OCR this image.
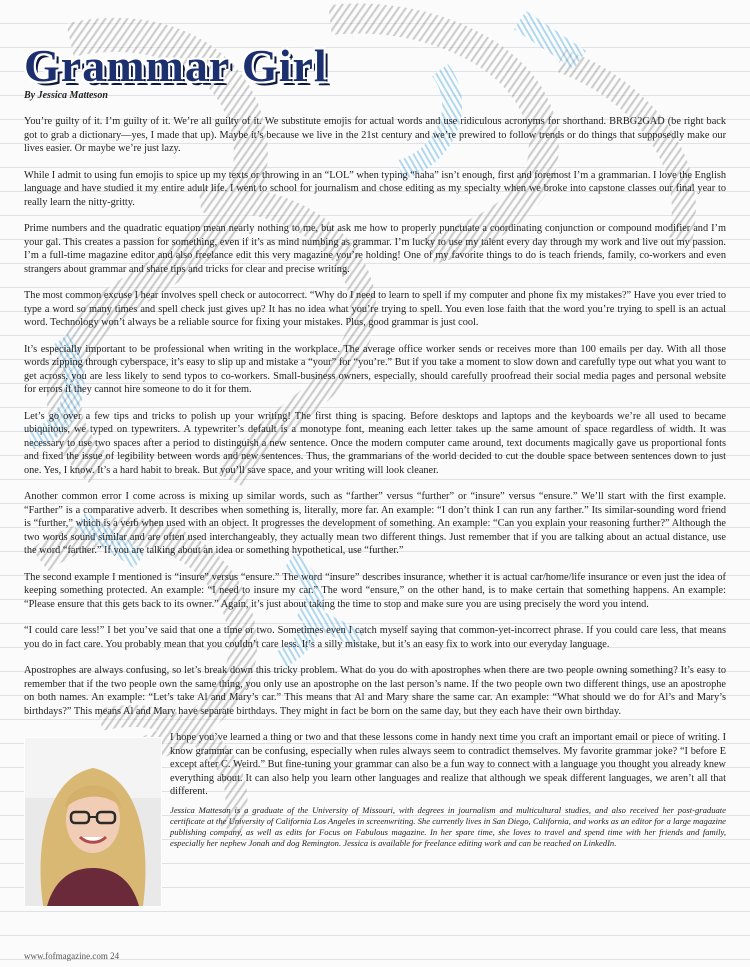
Grammar Girl
By Jessica Matteson

You’re guilty of it. I’m guilty of it. We’re all guilty of it. We substitute emojis for actual words and use ridiculous acronyms for shorthand. BRBG2GAD (be right back got to grab a dictionary—yes, I made that up). Maybe it’s because we live in the 21st century and we’re prewired to follow trends or do things that supposedly make our lives easier. Or maybe we’re just lazy.

While I admit to using fun emojis to spice up my texts or throwing in an “LOL” when typing “haha” isn’t enough, first and foremost I’m a grammarian. I love the English language and have studied it my entire adult life. I went to school for journalism and chose editing as my specialty when we broke into capstone classes our final year to really learn the nitty-gritty.

Prime numbers and the quadratic equation mean nearly nothing to me, but ask me how to properly punctuate a coordinating conjunction or compound modifier and I’m your gal. This creates a passion for something, even if it’s as mind numbing as grammar. I’m lucky to use my talent every day through my work and live out my passion. I’m a full-time magazine editor and also freelance edit this very magazine you’re holding! One of my favorite things to do is teach friends, family, co-workers and even strangers about grammar and share tips and tricks for clear and precise writing.

The most common excuse I hear involves spell check or autocorrect. “Why do I need to learn to spell if my computer and phone fix my mistakes?” Have you ever tried to type a word so many times and spell check just gives up? It has no idea what you’re trying to spell. You even lose faith that the word you’re trying to spell is an actual word. Technology won’t always be a reliable source for fixing your mistakes. Plus, good grammar is just cool.

It’s especially important to be professional when writing in the workplace. The average office worker sends or receives more than 100 emails per day. With all those words zipping through cyberspace, it’s easy to slip up and mistake a “your” for “you’re.” But if you take a moment to slow down and carefully type out what you want to get across, you are less likely to send typos to co-workers. Small-business owners, especially, should carefully proofread their social media pages and personal website for errors if they cannot hire someone to do it for them.

Let’s go over a few tips and tricks to polish up your writing! The first thing is spacing. Before desktops and laptops and the keyboards we’re all used to became ubiquitous, we typed on typewriters. A typewriter’s default is a monotype font, meaning each letter takes up the same amount of space regardless of width. It was necessary to use two spaces after a period to distinguish a new sentence. Once the modern computer came around, text documents magically gave us proportional fonts and fixed the issue of legibility between words and new sentences. Thus, the grammarians of the world decided to cut the double space between sentences down to just one. Yes, I know. It’s a hard habit to break. But you’ll save space, and your writing will look cleaner.

Another common error I come across is mixing up similar words, such as “farther” versus “further” or “insure” versus “ensure.” We’ll start with the first example. “Farther” is a comparative adverb. It describes when something is, literally, more far. An example: “I don’t think I can run any farther.” Its similar-sounding word friend is “further,” which is a verb when used with an object. It progresses the development of something. An example: “Can you explain your reasoning further?” Although the two words sound similar and are often used interchangeably, they actually mean two different things. Just remember that if you are talking about an actual distance, use the word “farther.” If you are talking about an idea or something hypothetical, use “further.”

The second example I mentioned is “insure” versus “ensure.” The word “insure” describes insurance, whether it is actual car/home/life insurance or even just the idea of keeping something protected. An example: “I need to insure my car.” The word “ensure,” on the other hand, is to make certain that something happens. An example: “Please ensure that this gets back to its owner.” Again, it’s just about taking the time to stop and make sure you are using precisely the word you intend.

“I could care less!” I bet you’ve said that one a time or two. Sometimes even I catch myself saying that common-yet-incorrect phrase. If you could care less, that means you do in fact care. You probably mean that you couldn’t care less. It’s a silly mistake, but it’s an easy fix to work into our everyday language.

Apostrophes are always confusing, so let’s break down this tricky problem. What do you do with apostrophes when there are two people owning something? It’s easy to remember that if the two people own the same thing, you only use an apostrophe on the last person’s name. If the two people own two different things, use an apostrophe on both names. An example: “Let’s take Al and Mary’s car.” This means that Al and Mary share the same car. An example: “What should we do for Al’s and Mary’s birthdays?” This means Al and Mary have separate birthdays. They might in fact be born on the same day, but they each have their own birthday.

I hope you’ve learned a thing or two and that these lessons come in handy next time you craft an important email or piece of writing. I know grammar can be confusing, especially when rules always seem to contradict themselves. My favorite grammar joke? “I before E except after C. Weird.” But fine-tuning your grammar can also be a fun way to connect with a language you thought you already knew everything about. It can also help you learn other languages and realize that although we speak different languages, we aren’t all that different.

Jessica Matteson is a graduate of the University of Missouri, with degrees in journalism and multicultural studies, and also received her post-graduate certificate at the University of California Los Angeles in screenwriting. She currently lives in San Diego, California, and works as an editor for a large magazine publishing company, as well as edits for Focus on Fabulous magazine. In her spare time, she loves to travel and spend time with her friends and family, especially her nephew Jonah and dog Remington. Jessica is available for freelance editing work and can be reached on LinkedIn.
www.fofmagazine.com 24
